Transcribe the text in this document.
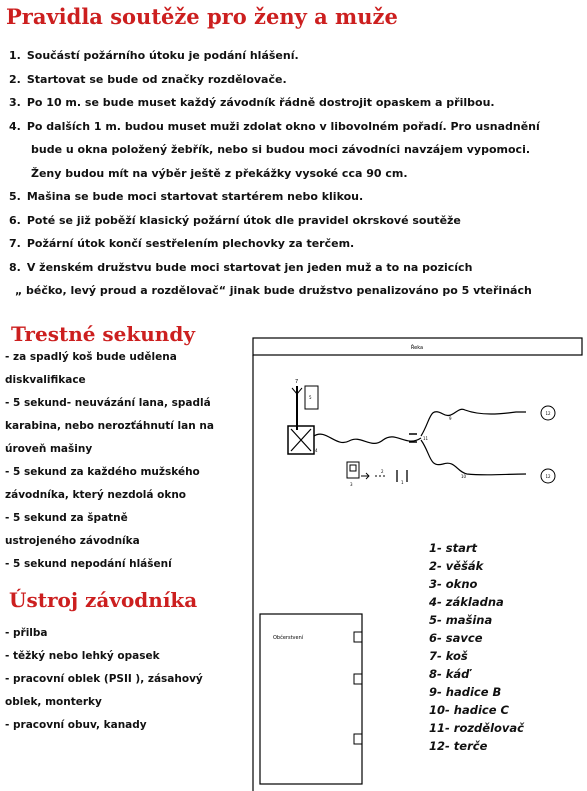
Pravidla soutěže pro ženy a muže
1. Součástí požárního útoku je podání hlášení.
2. Startovat se bude od značky rozdělovače.
3. Po 10 m. se bude muset každý závodník řádně dostrojit opaskem a přilbou.
4. Po dalších 1 m. budou muset muži zdolat okno v libovolném pořadí. Pro usnadnění
bude u okna položený žebřík, nebo si budou moci závodníci navzájem vypomoci.
Ženy budou mít na výběr ještě z překážky vysoké cca 90 cm.
5. Mašina se bude moci startovat startérem nebo klikou.
6. Poté se již poběží klasický požární útok dle pravidel okrskové soutěže
7. Požární útok končí sestřelením plechovky za terčem.
8. V ženském družstvu bude moci startovat jen jeden muž a to na pozicích
„ béčko, levý proud a rozdělovač“ jinak bude družstvo penalizováno po 5 vteřinách
Trestné sekundy
- za spadlý koš bude udělena
diskvalifikace
- 5 sekund- neuvázání lana, spadlá
karabina, nebo nerozťáhnutí lan na
úroveň mašiny
- 5 sekund za každého mužského
závodníka, který nezdolá okno
- 5 sekund za špatně
ustrojeného závodníka
- 5 sekund nepodání hlášení
Ústroj závodníka
- přilba
- těžký nebo lehký opasek
- pracovní oblek (PSII ), zásahový
oblek, monterky
- pracovní obuv, kanady
Řeka
7
5
4
11
9
10
12
12
3
2
1
Občerstvení
1- start
2- věšák
3- okno
4- základna
5- mašina
6- savce
7- koš
8- káď
9- hadice B
10- hadice C
11- rozdělovač
12- terče
